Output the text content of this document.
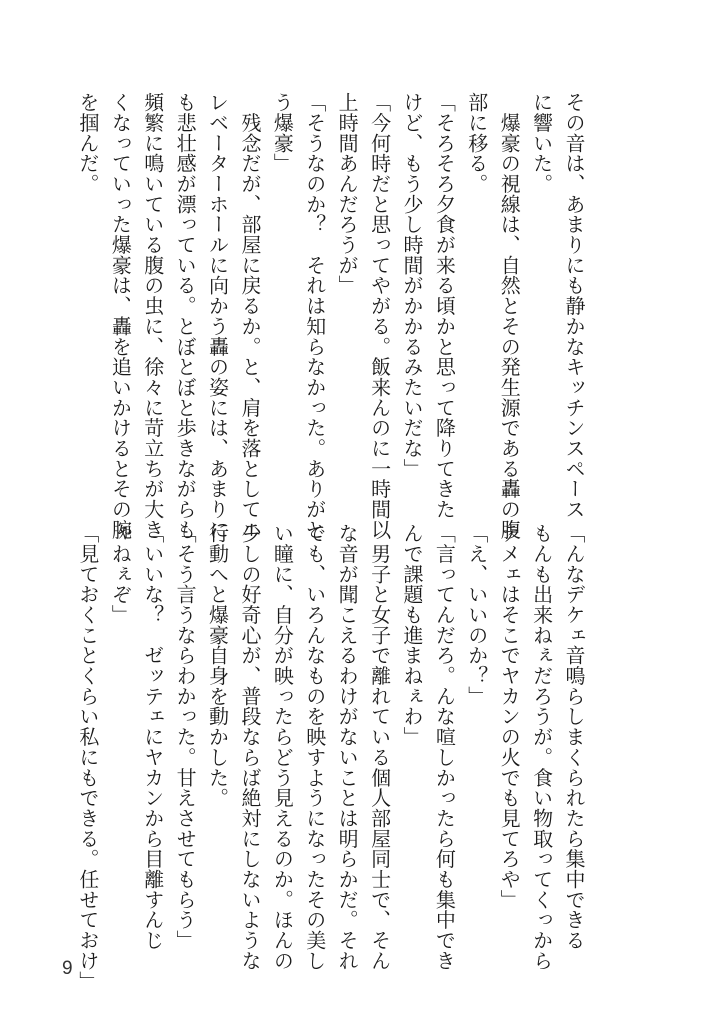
その音は、あまりにも静かなキッチンスペース
に響いた。
　爆豪の視線は、自然とその発生源である轟の腹
部に移る。
「そろそろ夕食が来る頃かと思って降りてきた
けど、もう少し時間がかかるみたいだな」
「今何時だと思ってやがる。飯来んのに一時間以
上時間あんだろうが」
「そうなのか？　それは知らなかった。ありがと
う爆豪」
　残念だが、部屋に戻るか。と、肩を落としてエ
レベーターホールに向かう轟の姿には、あまりに
も悲壮感が漂っている。とぼとぼと歩きながらも
頻繁に鳴いている腹の虫に、徐々に苛立ちが大き
くなっていった爆豪は、轟を追いかけるとその腕
を掴んだ。
「んなデケェ音鳴らしまくられたら集中できる
もんも出来ねぇだろうが。食い物取ってくっから
テメェはそこでヤカンの火でも見てろや」
「え、いいのか？」
「言ってんだろ。んな喧しかったら何も集中でき
んで課題も進まねぇわ」
　男子と女子で離れている個人部屋同士で、そん
な音が聞こえるわけがないことは明らかだ。それ
でも、いろんなものを映すようになったその美し
い瞳に、自分が映ったらどう見えるのか。ほんの
少しの好奇心が、普段ならば絶対にしないような
行動へと爆豪自身を動かした。
「そう言うならわかった。甘えさせてもらう」
「いいな？　ゼッテェにヤカンから目離すんじ
ゃねぇぞ」
「見ておくことくらい私にもできる。任せておけ」
9
